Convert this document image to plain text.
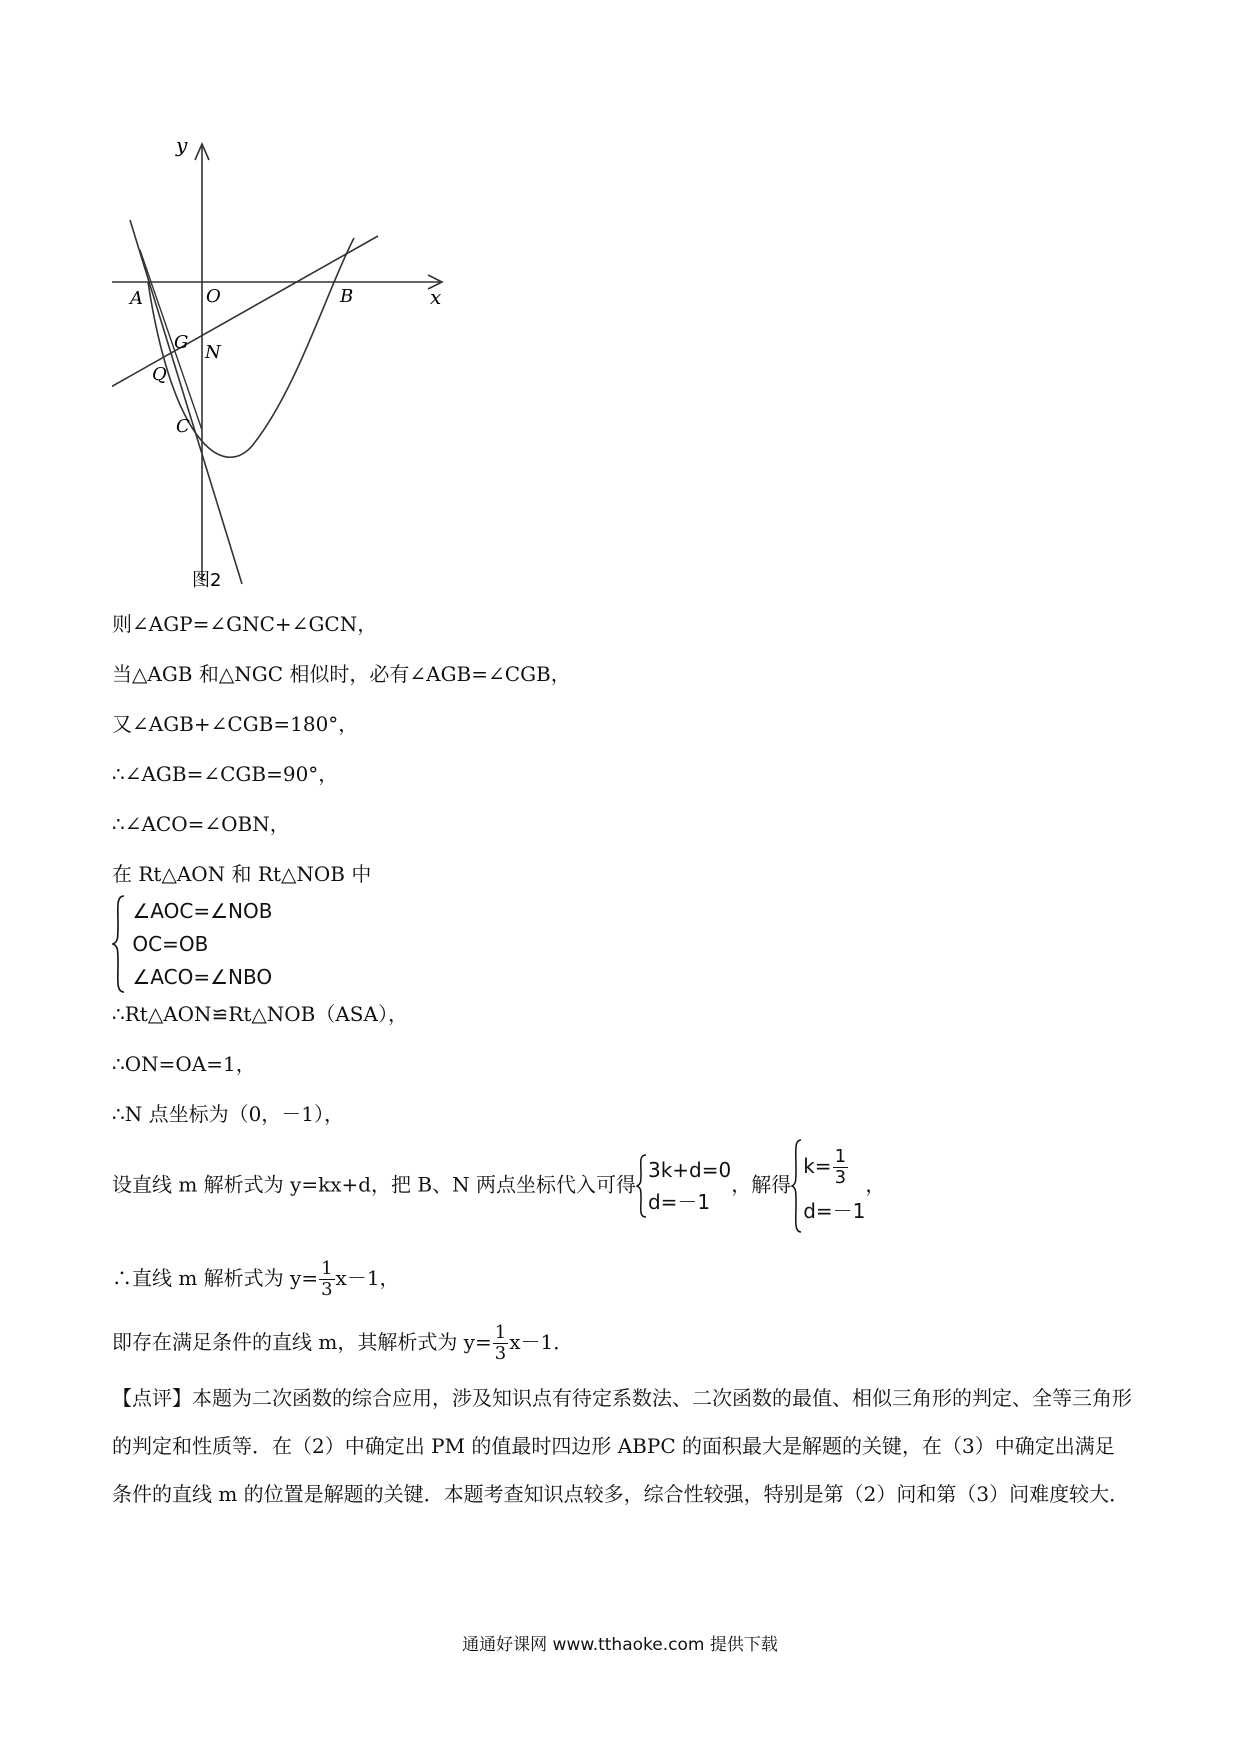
y
x
A	O	B
G N
Q
C
图2
则∠AGP=∠GNC+∠GCN，
当△AGB 和△NGC 相似时，必有∠AGB=∠CGB，
又∠AGB+∠CGB=180°，
∴∠AGB=∠CGB=90°，
∴∠ACO=∠OBN，
在 Rt△AON 和 Rt△NOB 中

∠AOC=∠NOB
OC=OB
∠ACO=∠NBO
∴Rt△AON≌Rt△NOB（ASA），
∴ON=OA=1，
∴N 点坐标为（0，－1），
设直线 m 解析式为 y=kx+d，把 B、N 两点坐标代入可得
3k+d=0
d=－1
，解得
$k= \frac{1}{3}$
d=－1
，
∴直线 m 解析式为 $y= \frac{1}{3} x-1$，
即存在满足条件的直线 m，其解析式为 $y= \frac{1}{3} x-1$．
【点评】本题为二次函数的综合应用，涉及知识点有待定系数法、二次函数的最值、相似三角形的判定、全等三角形的判定和性质等．在（2）中确定出 PM 的值最时四边形 ABPC 的面积最大是解题的关键，在（3）中确定出满足条件的直线 m 的位置是解题的关键．本题考查知识点较多，综合性较强，特别是第（2）问和第（3）问难度较大．
通通好课网 www.tthaoke.com 提供下载
